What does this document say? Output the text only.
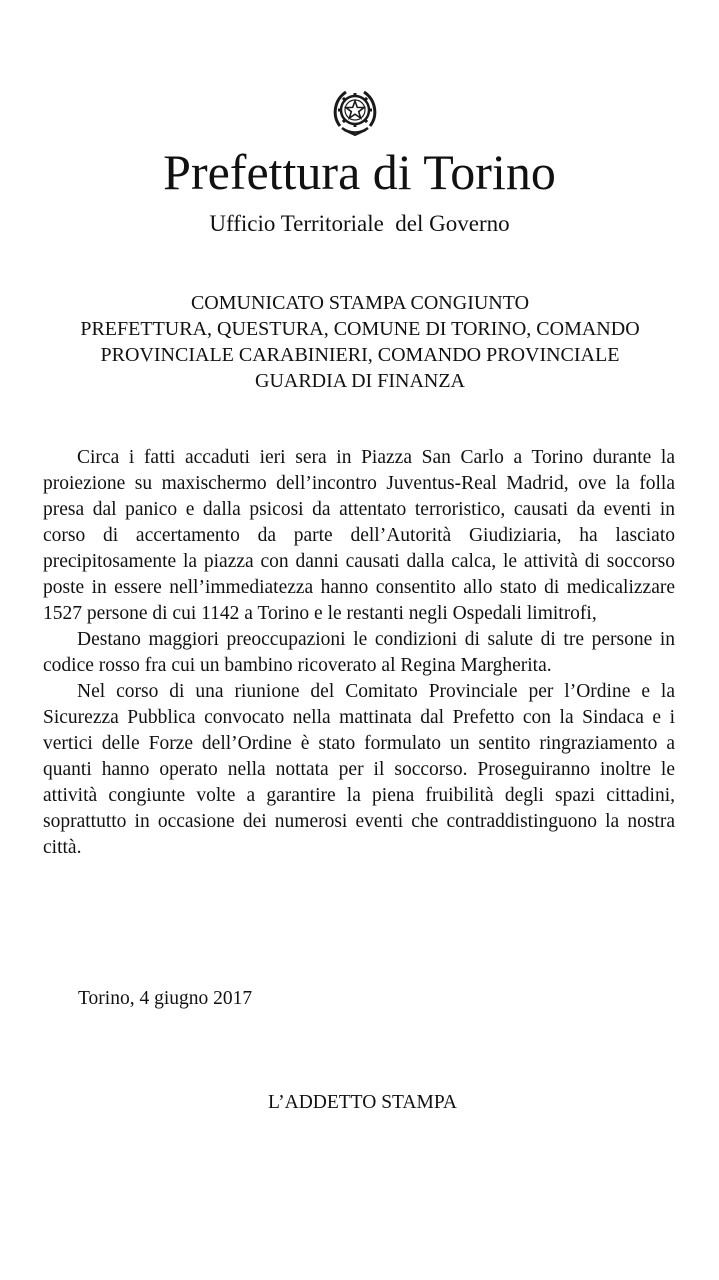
Prefettura di Torino
Ufficio Territoriale  del Governo
COMUNICATO STAMPA CONGIUNTO
PREFETTURA, QUESTURA, COMUNE DI TORINO, COMANDO
PROVINCIALE CARABINIERI, COMANDO PROVINCIALE
GUARDIA DI FINANZA

Circa i fatti accaduti ieri sera in Piazza San Carlo a Torino durante la proiezione su maxischermo dell’incontro Juventus-Real Madrid, ove la folla presa dal panico e dalla psicosi da attentato terroristico, causati da eventi in corso di accertamento da parte dell’Autorità Giudiziaria, ha lasciato precipitosamente la piazza con danni causati dalla calca, le attività di soccorso poste in essere nell’immediatezza hanno consentito allo stato di medicalizzare 1527 persone di cui 1142 a Torino e le restanti negli Ospedali limitrofi,

Destano maggiori preoccupazioni le condizioni di salute di tre persone in codice rosso fra cui un bambino ricoverato al Regina Margherita.

Nel corso di una riunione del Comitato Provinciale per l’Ordine e la Sicurezza Pubblica convocato nella mattinata dal Prefetto con la Sindaca e i vertici delle Forze dell’Ordine è stato formulato un sentito ringraziamento a quanti hanno operato nella nottata per il soccorso. Proseguiranno inoltre le attività congiunte volte a garantire la piena fruibilità degli spazi cittadini, soprattutto in occasione dei numerosi eventi che contraddistinguono la nostra città.

Torino, 4 giugno 2017
L’ADDETTO STAMPA
